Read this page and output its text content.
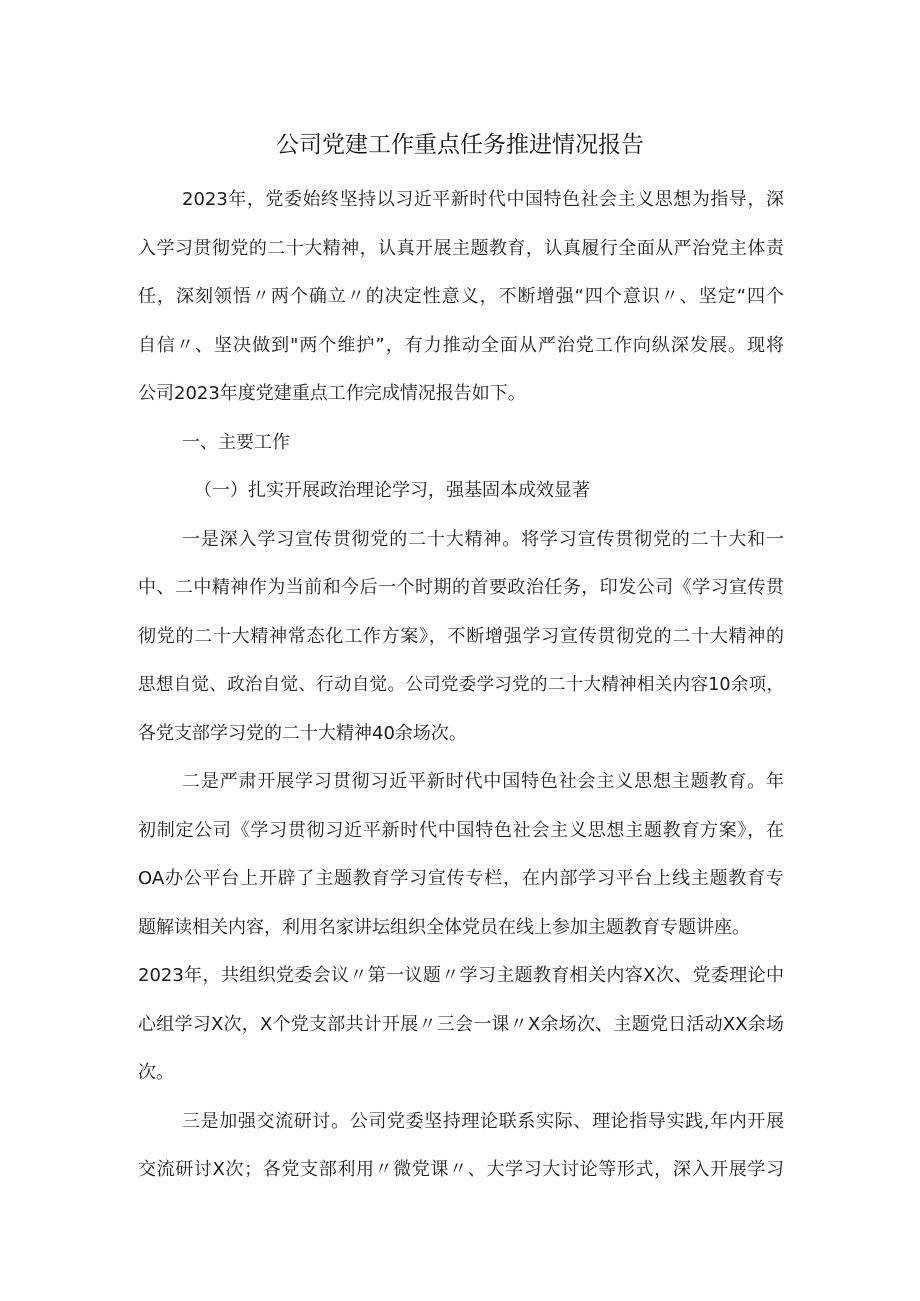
公司党建工作重点任务推进情况报告
2023年，党委始终坚持以习近平新时代中国特色社会主义思想为指导，深
入学习贯彻党的二十大精神，认真开展主题教育，认真履行全面从严治党主体责
任，深刻领悟〃两个确立〃的决定性意义，不断增强“四个意识〃、坚定“四个
自信〃、坚决做到"两个维护”，有力推动全面从严治党工作向纵深发展。现将
公司2023年度党建重点工作完成情况报告如下。
一、主要工作
（一）扎实开展政治理论学习，强基固本成效显著
一是深入学习宣传贯彻党的二十大精神。将学习宣传贯彻党的二十大和一
中、二中精神作为当前和今后一个时期的首要政治任务，印发公司《学习宣传贯
彻党的二十大精神常态化工作方案》，不断增强学习宣传贯彻党的二十大精神的
思想自觉、政治自觉、行动自觉。公司党委学习党的二十大精神相关内容10余项，
各党支部学习党的二十大精神40余场次。
二是严肃开展学习贯彻习近平新时代中国特色社会主义思想主题教育。年
初制定公司《学习贯彻习近平新时代中国特色社会主义思想主题教育方案》，在
OA办公平台上开辟了主题教育学习宣传专栏，在内部学习平台上线主题教育专
题解读相关内容，利用名家讲坛组织全体党员在线上参加主题教育专题讲座。
2023年，共组织党委会议〃第一议题〃学习主题教育相关内容X次、党委理论中
心组学习X次，X个党支部共计开展〃三会一课〃X余场次、主题党日活动XX余场
次。
三是加强交流研讨。公司党委坚持理论联系实际、理论指导实践,年内开展
交流研讨X次；各党支部利用〃微党课〃、大学习大讨论等形式，深入开展学习
